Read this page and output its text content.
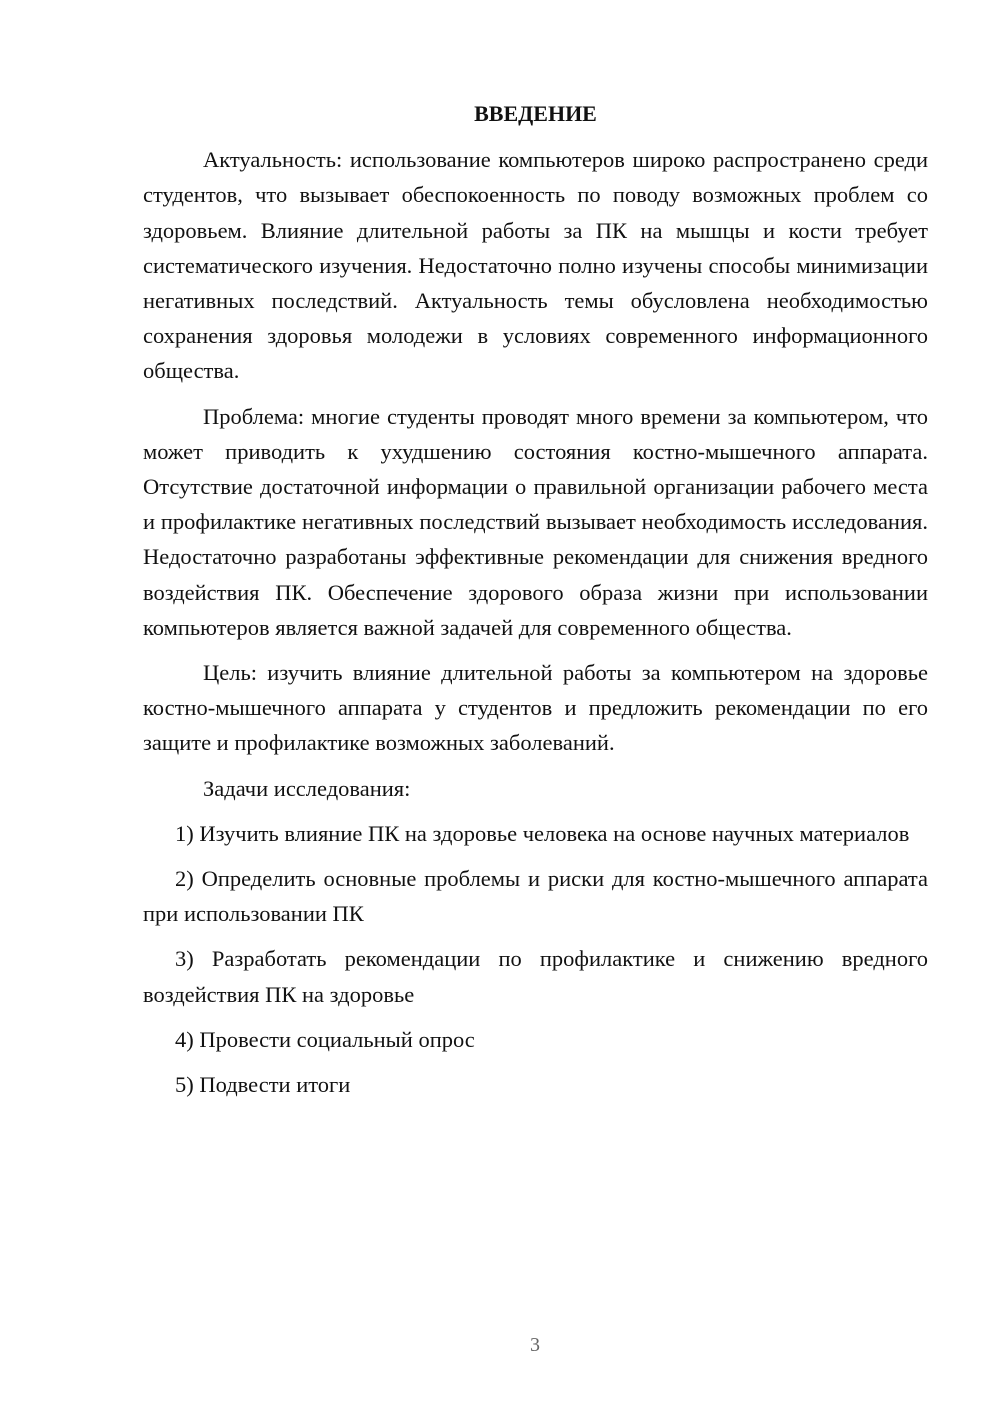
ВВЕДЕНИЕ

Актуальность: использование компьютеров широко распространено среди студентов, что вызывает обеспокоенность по поводу возможных проблем со здоровьем. Влияние длительной работы за ПК на мышцы и кости требует систематического изучения. Недостаточно полно изучены способы минимизации негативных последствий. Актуальность темы обусловлена необходимостью сохранения здоровья молодежи в условиях современного информационного общества.

Проблема: многие студенты проводят много времени за компьютером, что может приводить к ухудшению состояния костно-мышечного аппарата. Отсутствие достаточной информации о правильной организации рабочего места и профилактике негативных последствий вызывает необходимость исследования. Недостаточно разработаны эффективные рекомендации для снижения вредного воздействия ПК. Обеспечение здорового образа жизни при использовании компьютеров является важной задачей для современного общества.

Цель: изучить влияние длительной работы за компьютером на здоровье костно-мышечного аппарата у студентов и предложить рекомендации по его защите и профилактике возможных заболеваний.

Задачи исследования:

1) Изучить влияние ПК на здоровье человека на основе научных материалов

2) Определить основные проблемы и риски для костно-мышечного аппарата при использовании ПК

3) Разработать рекомендации по профилактике и снижению вредного воздействия ПК на здоровье

4) Провести социальный опрос

5) Подвести итоги

3
